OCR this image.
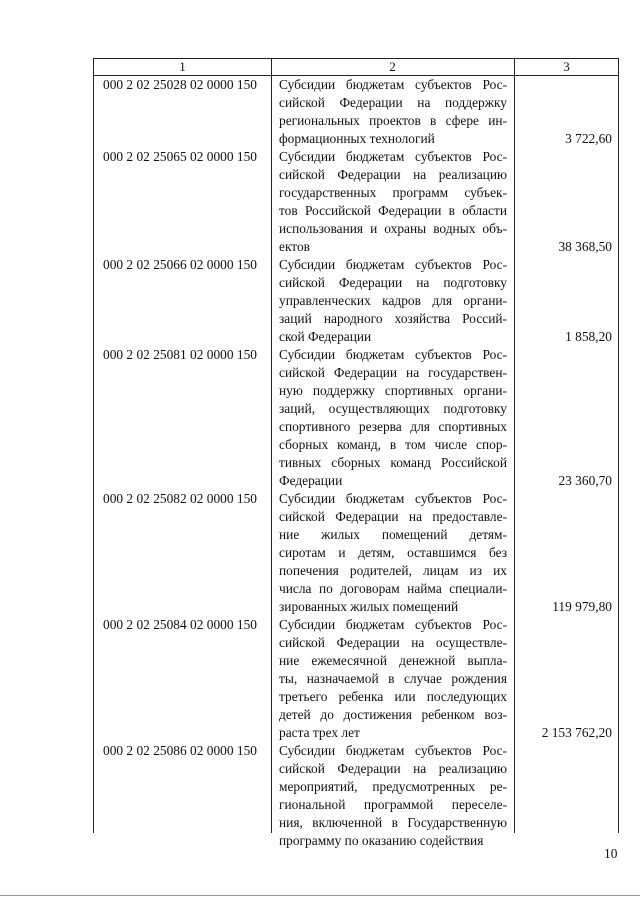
1	2	3
000 2 02 25028 02 0000 150 Субсидии бюджетам субъектов Рос-
сийской Федерации на поддержку
региональных проектов в сфере ин-
формационных технологий	3 722,60
000 2 02 25065 02 0000 150 Субсидии бюджетам субъектов Рос-
сийской Федерации на реализацию
государственных программ субъек-
тов Российской Федерации в области
использования и охраны водных объ-
ектов	38 368,50
000 2 02 25066 02 0000 150 Субсидии бюджетам субъектов Рос-
сийской Федерации на подготовку
управленческих кадров для органи-
заций народного хозяйства Россий-
ской Федерации	1 858,20
000 2 02 25081 02 0000 150 Субсидии бюджетам субъектов Рос-
сийской Федерации на государствен-
ную поддержку спортивных органи-
заций, осуществляющих подготовку
спортивного резерва для спортивных
сборных команд, в том числе спор-
тивных сборных команд Российской
Федерации	23 360,70
000 2 02 25082 02 0000 150 Субсидии бюджетам субъектов Рос-
сийской Федерации на предоставле-
ние жилых помещений детям-
сиротам и детям, оставшимся без
попечения родителей, лицам из их
числа по договорам найма специали-
зированных жилых помещений	119 979,80
000 2 02 25084 02 0000 150 Субсидии бюджетам субъектов Рос-
сийской Федерации на осуществле-
ние ежемесячной денежной выпла-
ты, назначаемой в случае рождения
третьего ребенка или последующих
детей до достижения ребенком воз-
раста трех лет	2 153 762,20
000 2 02 25086 02 0000 150 Субсидии бюджетам субъектов Рос-
сийской Федерации на реализацию
мероприятий, предусмотренных ре-
гиональной программой переселе-
ния, включенной в Государственную
программу по оказанию содействия
10
